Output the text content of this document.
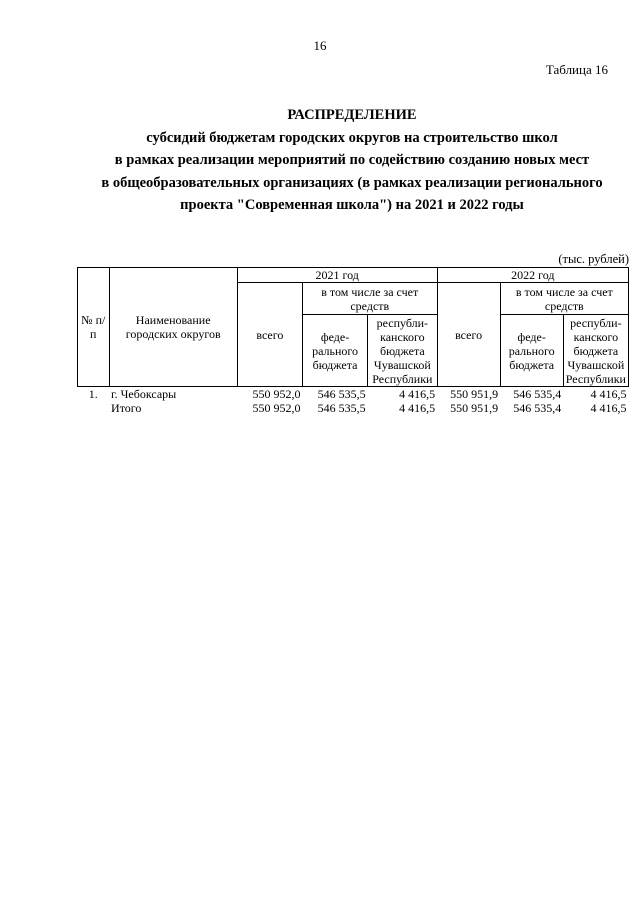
16
Таблица 16
РАСПРЕДЕЛЕНИЕ
субсидий бюджетам городских округов на строительство школ
в рамках реализации мероприятий по содействию созданию новых мест
в общеобразовательных организациях (в рамках реализации регионального
проекта "Современная школа") на 2021 и 2022 годы
(тыс. рублей)
№ п/п	Наименование городских округов	2021 год			2022 год		
		всего	в том числе за счет средств		всего	в том числе за счет средств	
			феде-рального бюджета	республи-канского бюджета Чувашской Республики		феде-рального бюджета	республи-канского бюджета Чувашской Республики
1.	г. Чебоксары	550 952,0	546 535,5	4 416,5	550 951,9	546 535,4	4 416,5
	Итого	550 952,0	546 535,5	4 416,5	550 951,9	546 535,4	4 416,5
